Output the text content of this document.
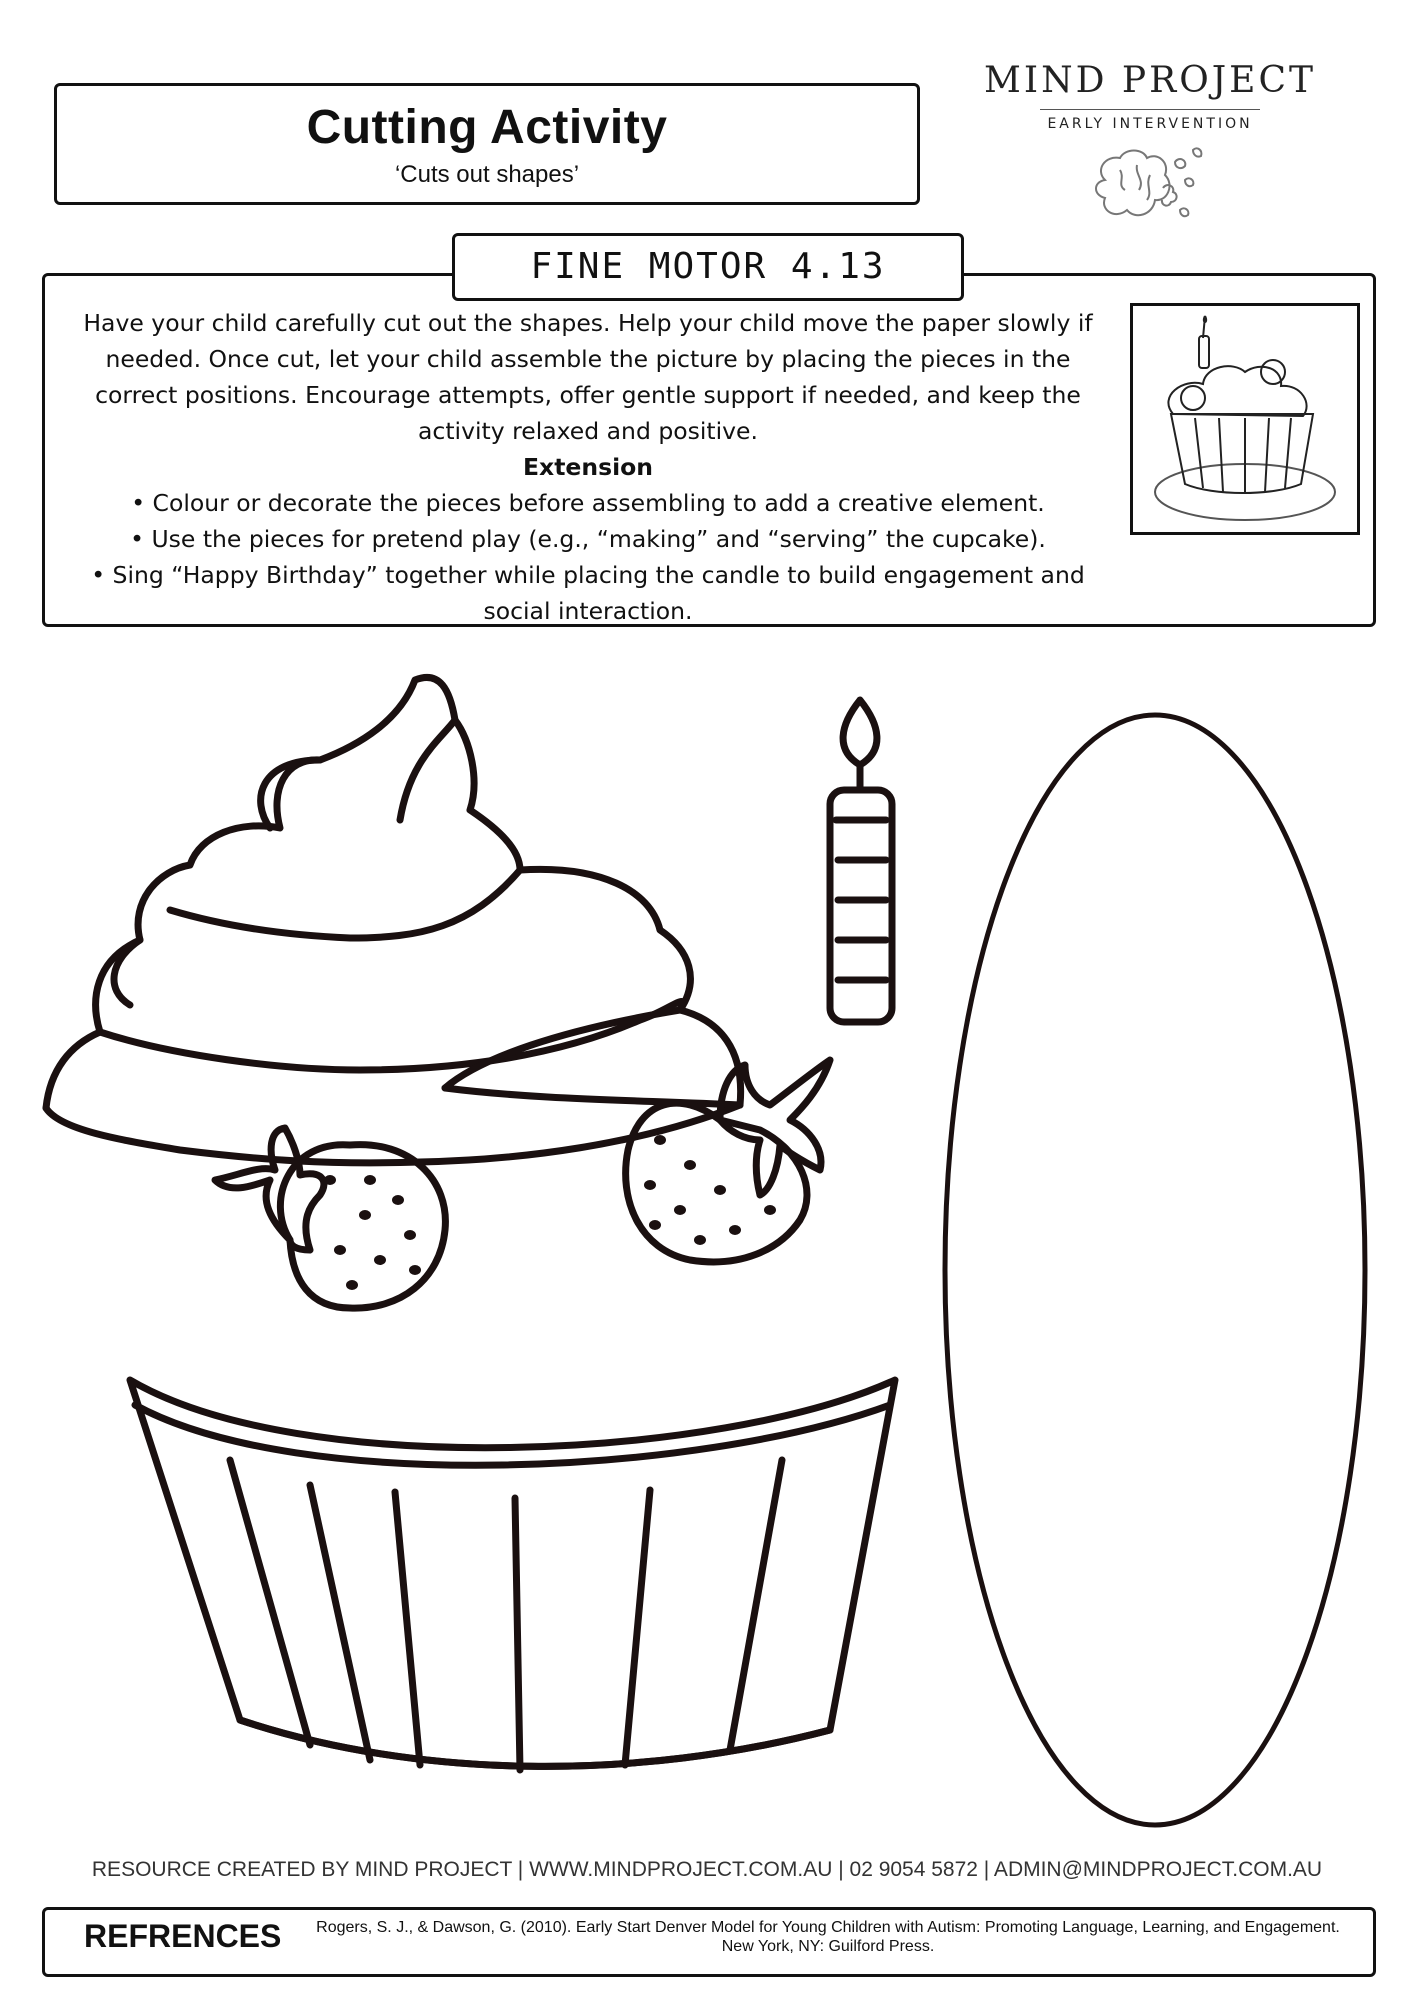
Cutting Activity
‘Cuts out shapes’
MIND PROJECT
EARLY INTERVENTION
FINE MOTOR 4.13
Have your child carefully cut out the shapes. Help your child move the paper slowly if needed. Once cut, let your child assemble the picture by placing the pieces in the correct positions. Encourage attempts, offer gentle support if needed, and keep the activity relaxed and positive.
Extension
• Colour or decorate the pieces before assembling to add a creative element.
• Use the pieces for pretend play (e.g., “making” and “serving” the cupcake).
• Sing “Happy Birthday” together while placing the candle to build engagement and social interaction.
RESOURCE CREATED BY MIND PROJECT | WWW.MINDPROJECT.COM.AU | 02 9054 5872 | ADMIN@MINDPROJECT.COM.AU
REFRENCES	Rogers, S. J., & Dawson, G. (2010). Early Start Denver Model for Young Children with Autism: Promoting Language, Learning, and Engagement. New York, NY: Guilford Press.
